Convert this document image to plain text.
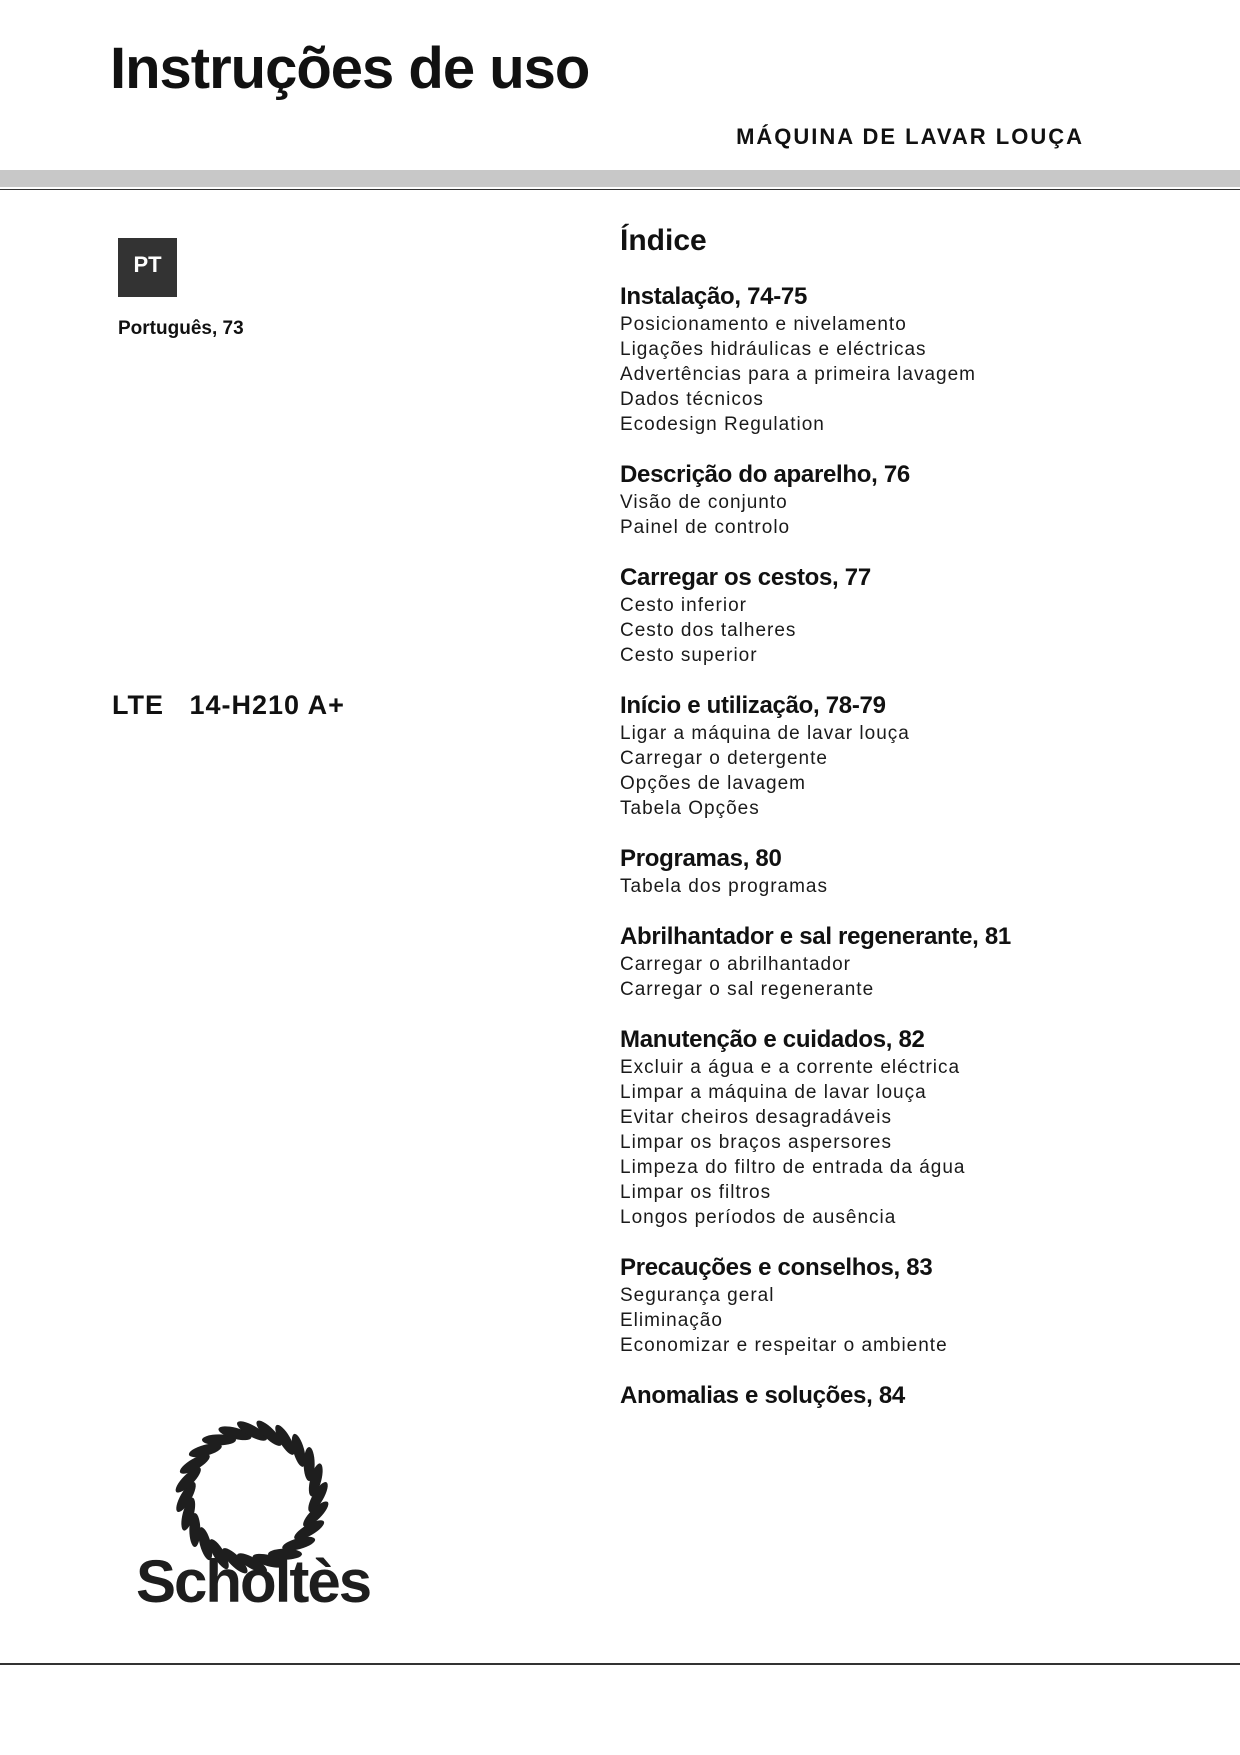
Instruções de uso
MÁQUINA DE LAVAR LOUÇA
PT
Português, 73
LTE   14-H210 A+
Índice
Instalação, 74-75
Posicionamento e nivelamento
Ligações hidráulicas e eléctricas
Advertências para a primeira lavagem
Dados técnicos
Ecodesign Regulation
Descrição do aparelho, 76
Visão de conjunto
Painel de controlo
Carregar os cestos, 77
Cesto inferior
Cesto dos talheres
Cesto superior
Início e utilização, 78-79
Ligar a máquina de lavar louça
Carregar o detergente
Opções de lavagem
Tabela Opções
Programas, 80
Tabela dos programas
Abrilhantador e sal regenerante, 81
Carregar o abrilhantador
Carregar o sal regenerante
Manutenção e cuidados, 82
Excluir a água e a corrente eléctrica
Limpar a máquina de lavar louça
Evitar cheiros desagradáveis
Limpar os braços aspersores
Limpeza do filtro de entrada da água
Limpar os filtros
Longos períodos de ausência
Precauções e conselhos, 83
Segurança geral
Eliminação
Economizar e respeitar o ambiente
Anomalias e soluções, 84
Scholtès
